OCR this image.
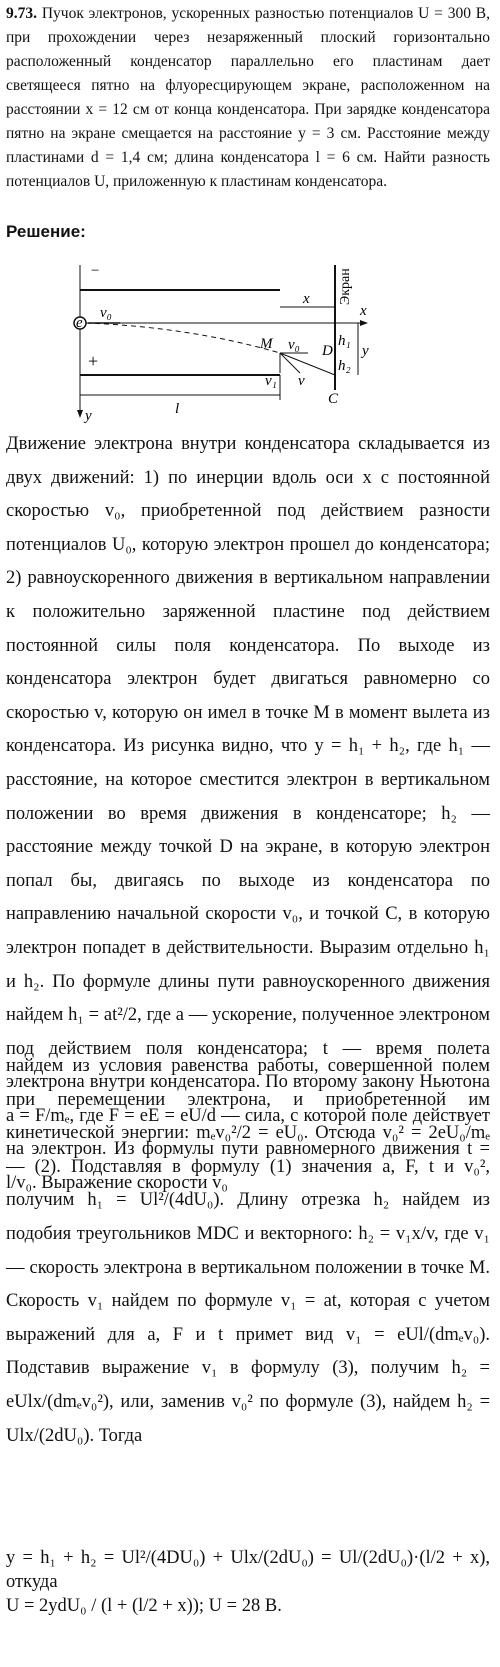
9.73. Пучок электронов, ускоренных разностью потенциалов U = 300 В, при прохождении через незаряженный плоский горизонтально расположенный конденсатор параллельно его пластинам дает светящееся пятно на флуоресцирующем экране, расположенном на расстоянии x = 12 см от конца конденсатора. При зарядке конденсатора пятно на экране смещается на расстояние y = 3 см. Расстояние между пластинами d = 1,4 см; длина конденсатора l = 6 см. Найти разность потенциалов U, приложенную к пластинам конденсатора.
Решение:
−
+
y
x
e
v₀
M v₀
v₁ v
Экран
D
C
x
h₁
h₂
y
l
Движение электрона внутри конденсатора складывается из двух движений: 1) по инерции вдоль оси x с постоянной скоростью v₀, приобретенной под действием разности потенциалов U₀, которую электрон прошел до конденсатора; 2) равноускоренного движения в вертикальном направлении к положительно заряженной пластине под действием постоянной силы поля конденсатора. По выходе из конденсатора электрон будет двигаться равномерно со скоростью v, которую он имел в точке M в момент вылета из конденсатора. Из рисунка видно, что y = h₁ + h₂, где h₁ — расстояние, на которое сместится электрон в вертикальном положении во время движения в конденсаторе; h₂ — расстояние между точкой D на экране, в которую электрон попал бы, двигаясь по выходе из конденсатора по направлению начальной скорости v₀, и точкой C, в которую электрон попадет в действительности. Выразим отдельно h₁ и h₂. По формуле длины пути равноускоренного движения найдем h₁ = at²/2, где a — ускорение, полученное электроном под действием поля конденсатора; t — время полета электрона внутри конденсатора. По второму закону Ньютона a = F/mₑ, где F = eE = eU/d — сила, с которой поле действует на электрон. Из формулы пути равномерного движения t = l/v₀. Выражение скорости v₀
найдем из условия равенства работы, совершенной полем при перемещении электрона, и приобретенной им кинетической энергии: mₑv₀²/2 = eU₀. Отсюда v₀² = 2eU₀/mₑ — (2). Подставляя в формулу (1) значения a, F, t и v₀², получим h₁ = Ul²/(4dU₀). Длину отрезка h₂ найдем из подобия треугольников MDC и векторного: h₂ = v₁x/v, где v₁ — скорость электрона в вертикальном положении в точке M. Скорость v₁ найдем по формуле v₁ = at, которая с учетом выражений для a, F и t примет вид v₁ = eUl/(dmₑv₀). Подставив выражение v₁ в формулу (3), получим h₂ = eUlx/(dmₑv₀²), или, заменив v₀² по формуле (3), найдем h₂ = Ulx/(2dU₀). Тогда
y = h₁ + h₂ = Ul²/(4DU₀) + Ulx/(2dU₀) = Ul/(2dU₀)·(l/2 + x), откуда
U = 2ydU₀ / (l + (l/2 + x)); U = 28 В.
